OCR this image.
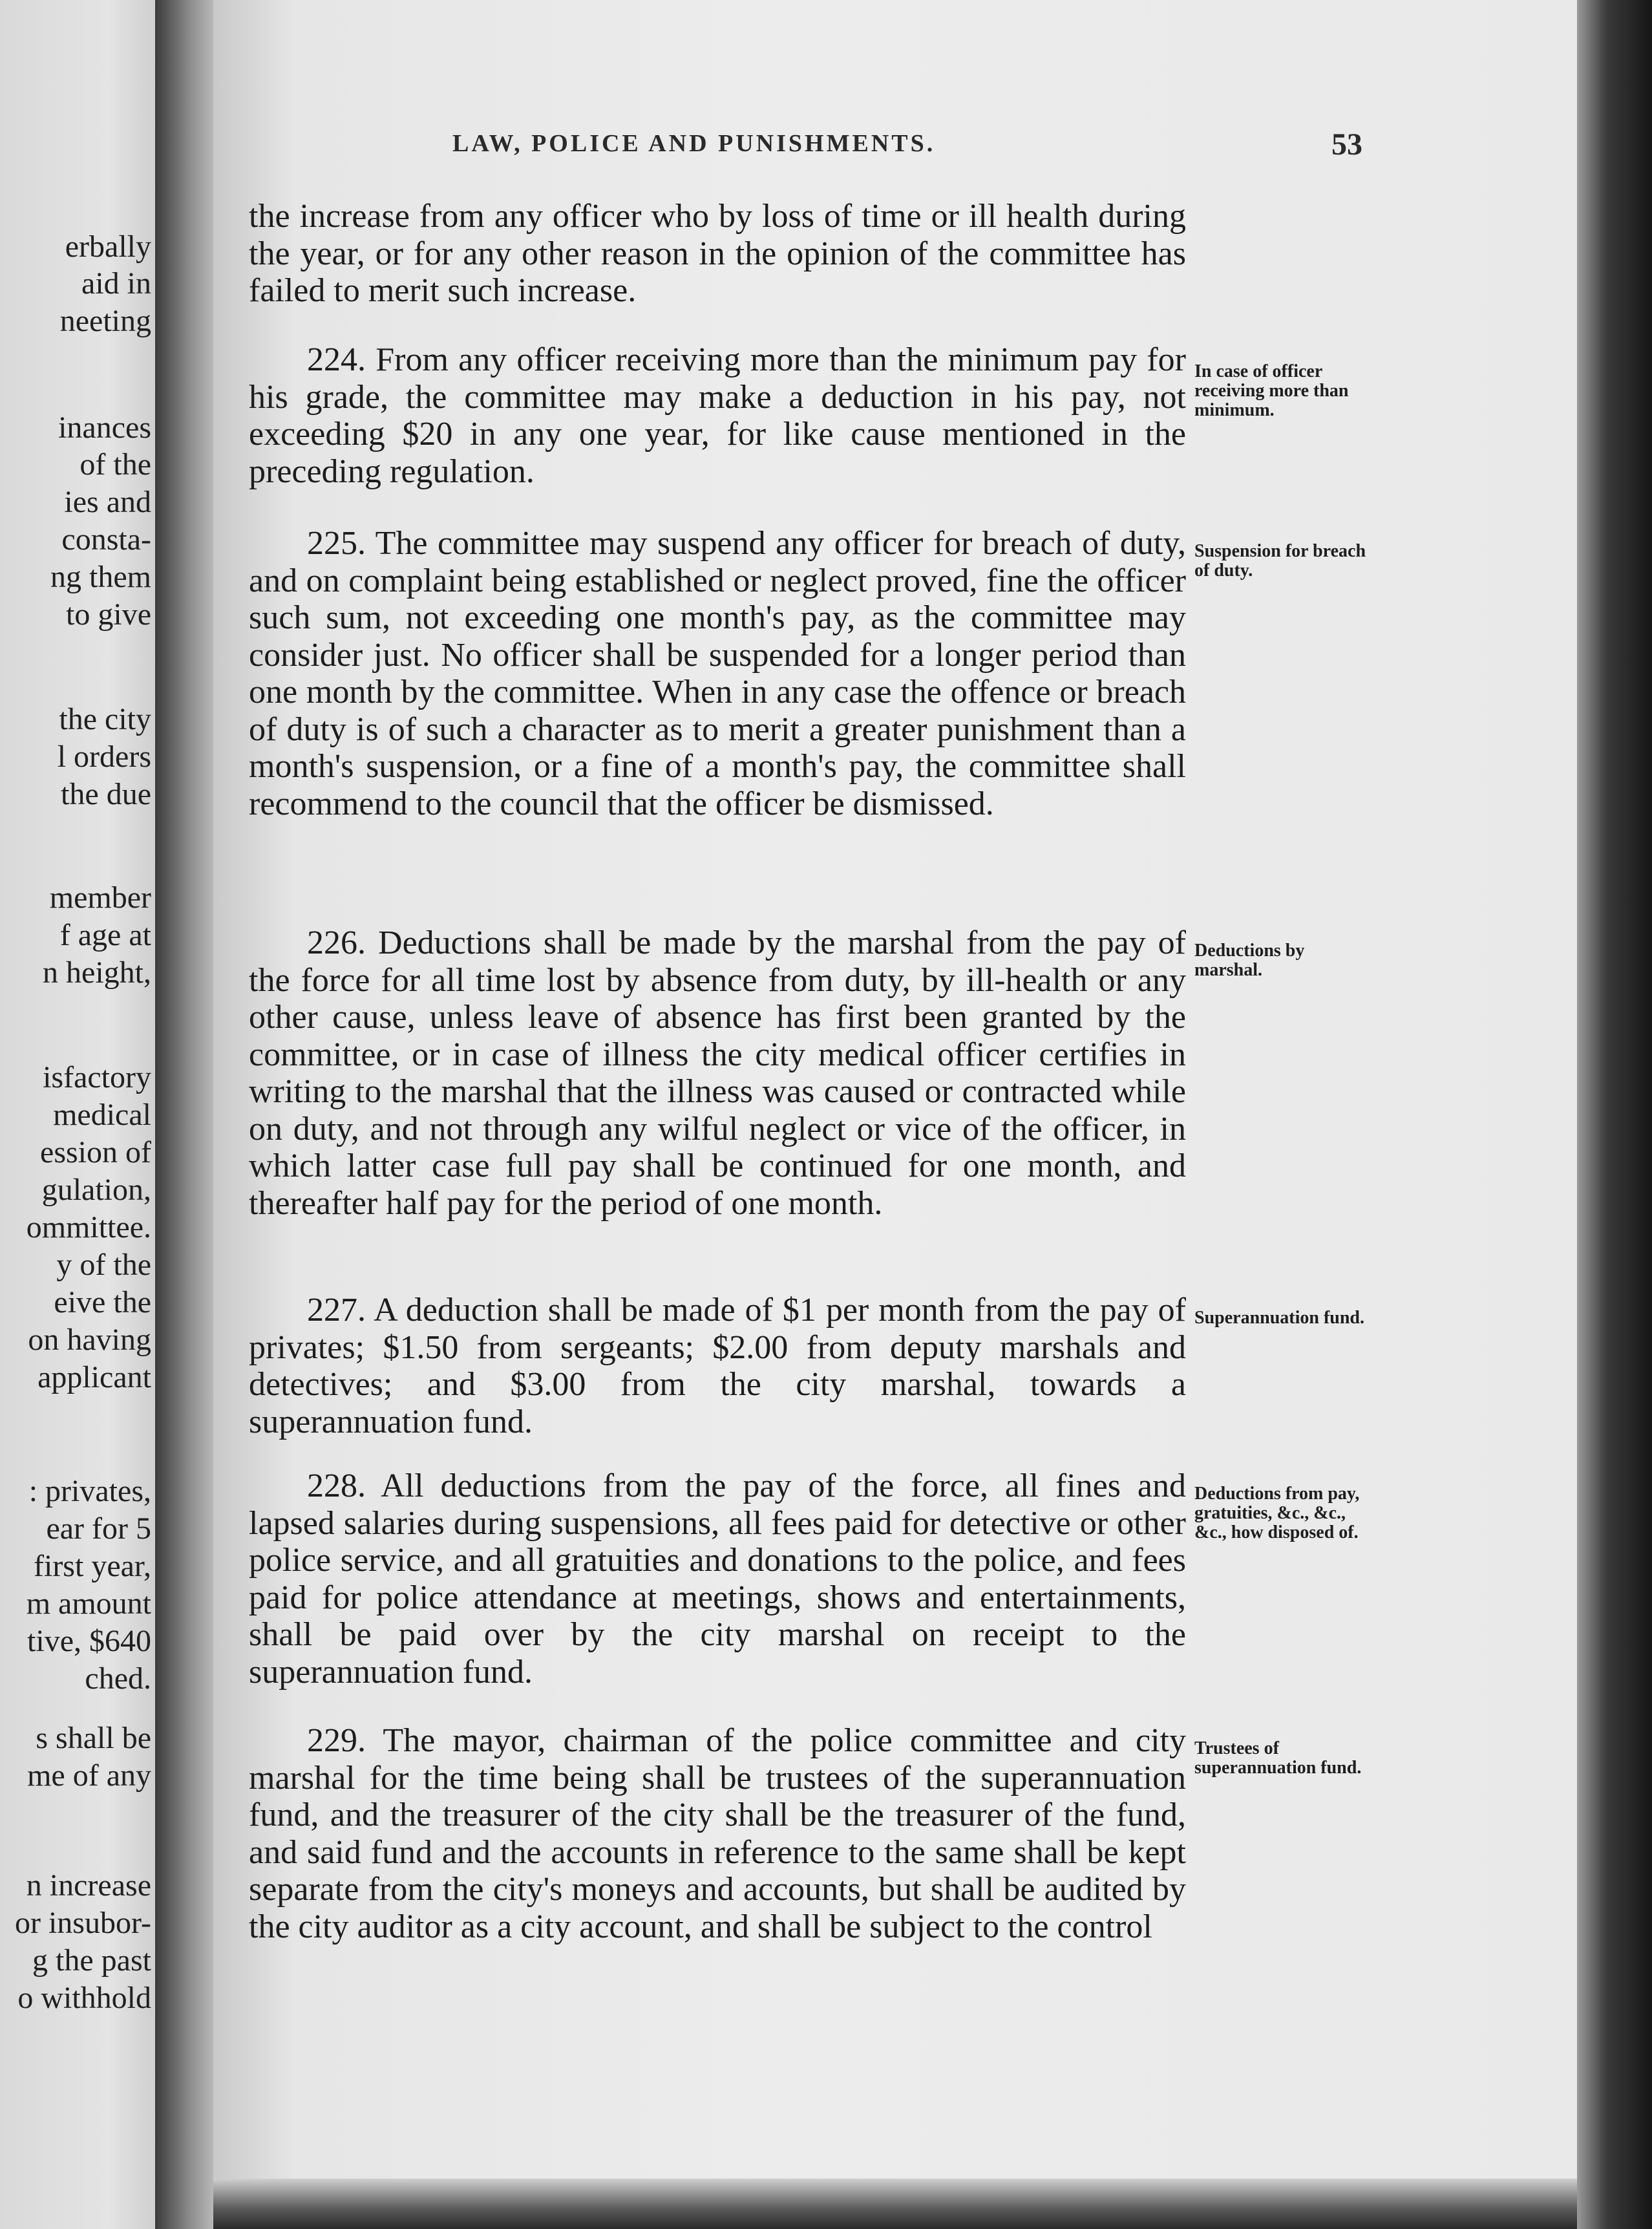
erbally
aid in
neeting
inances
of the
ies and
consta-
ng them
to give
the city
l orders
the due
member
f age at
n height,
isfactory
medical
ession of
gulation,
ommittee.
y of the
eive the
on having
applicant
: privates,
ear for 5
first year,
m amount
tive, $640
ched.
s shall be
me of any
n increase
or insubor-
g the past
o withhold
LAW, POLICE AND PUNISHMENTS.	53
the increase from any officer who by loss of time or ill health during the year, or for any other reason in the opinion of the committee has failed to merit such increase.
224. From any officer receiving more than the minimum pay for his grade, the committee may make a deduction in his pay, not exceeding $20 in any one year, for like cause mentioned in the preceding regulation.
In case of officer receiving more than minimum.
225. The committee may suspend any officer for breach of duty, and on complaint being established or neglect proved, fine the officer such sum, not exceeding one month's pay, as the committee may consider just. No officer shall be suspended for a longer period than one month by the committee. When in any case the offence or breach of duty is of such a character as to merit a greater punishment than a month's suspension, or a fine of a month's pay, the committee shall recommend to the council that the officer be dismissed.
Suspension for breach of duty.
226. Deductions shall be made by the marshal from the pay of the force for all time lost by absence from duty, by ill-health or any other cause, unless leave of absence has first been granted by the committee, or in case of illness the city medical officer certifies in writing to the marshal that the illness was caused or contracted while on duty, and not through any wilful neglect or vice of the officer, in which latter case full pay shall be continued for one month, and thereafter half pay for the period of one month.
Deductions by marshal.
227. A deduction shall be made of $1 per month from the pay of privates; $1.50 from sergeants; $2.00 from deputy marshals and detectives; and $3.00 from the city marshal, towards a superannuation fund.
Superannuation fund.
228. All deductions from the pay of the force, all fines and lapsed salaries during suspensions, all fees paid for detective or other police service, and all gratuities and donations to the police, and fees paid for police attendance at meetings, shows and entertainments, shall be paid over by the city marshal on receipt to the superannuation fund.
Deductions from pay, gratuities, &c., &c., &c., how disposed of.
229. The mayor, chairman of the police committee and city marshal for the time being shall be trustees of the superannuation fund, and the treasurer of the city shall be the treasurer of the fund, and said fund and the accounts in reference to the same shall be kept separate from the city's moneys and accounts, but shall be audited by the city auditor as a city account, and shall be subject to the control
Trustees of superannuation fund.
